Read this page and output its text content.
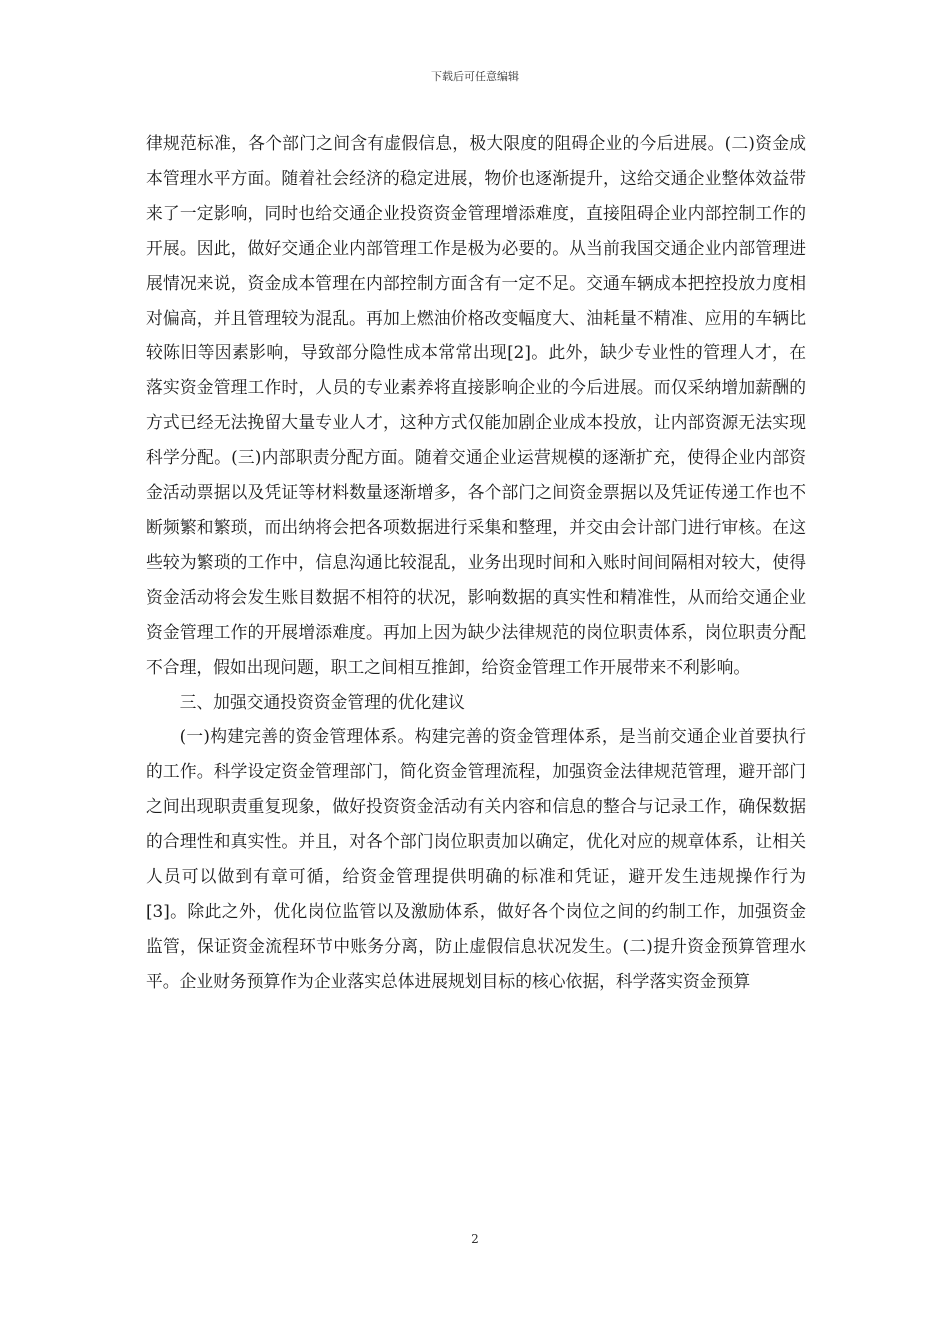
下载后可任意编辑

律规范标准，各个部门之间含有虚假信息，极大限度的阻碍企业的今后进展。(二)资金成本管理水平方面。随着社会经济的稳定进展，物价也逐渐提升，这给交通企业整体效益带来了一定影响，同时也给交通企业投资资金管理增添难度，直接阻碍企业内部控制工作的开展。因此，做好交通企业内部管理工作是极为必要的。从当前我国交通企业内部管理进展情况来说，资金成本管理在内部控制方面含有一定不足。交通车辆成本把控投放力度相对偏高，并且管理较为混乱。再加上燃油价格改变幅度大、油耗量不精准、应用的车辆比较陈旧等因素影响，导致部分隐性成本常常出现[2]。此外，缺少专业性的管理人才，在落实资金管理工作时，人员的专业素养将直接影响企业的今后进展。而仅采纳增加薪酬的方式已经无法挽留大量专业人才，这种方式仅能加剧企业成本投放，让内部资源无法实现科学分配。(三)内部职责分配方面。随着交通企业运营规模的逐渐扩充，使得企业内部资金活动票据以及凭证等材料数量逐渐增多，各个部门之间资金票据以及凭证传递工作也不断频繁和繁琐，而出纳将会把各项数据进行采集和整理，并交由会计部门进行审核。在这些较为繁琐的工作中，信息沟通比较混乱，业务出现时间和入账时间间隔相对较大，使得资金活动将会发生账目数据不相符的状况，影响数据的真实性和精准性，从而给交通企业资金管理工作的开展增添难度。再加上因为缺少法律规范的岗位职责体系，岗位职责分配不合理，假如出现问题，职工之间相互推卸，给资金管理工作开展带来不利影响。

三、加强交通投资资金管理的优化建议

(一)构建完善的资金管理体系。构建完善的资金管理体系，是当前交通企业首要执行的工作。科学设定资金管理部门，简化资金管理流程，加强资金法律规范管理，避开部门之间出现职责重复现象，做好投资资金活动有关内容和信息的整合与记录工作，确保数据的合理性和真实性。并且，对各个部门岗位职责加以确定，优化对应的规章体系，让相关人员可以做到有章可循，给资金管理提供明确的标准和凭证，避开发生违规操作行为[3]。除此之外，优化岗位监管以及激励体系，做好各个岗位之间的约制工作，加强资金监管，保证资金流程环节中账务分离，防止虚假信息状况发生。(二)提升资金预算管理水平。企业财务预算作为企业落实总体进展规划目标的核心依据，科学落实资金预算

2
